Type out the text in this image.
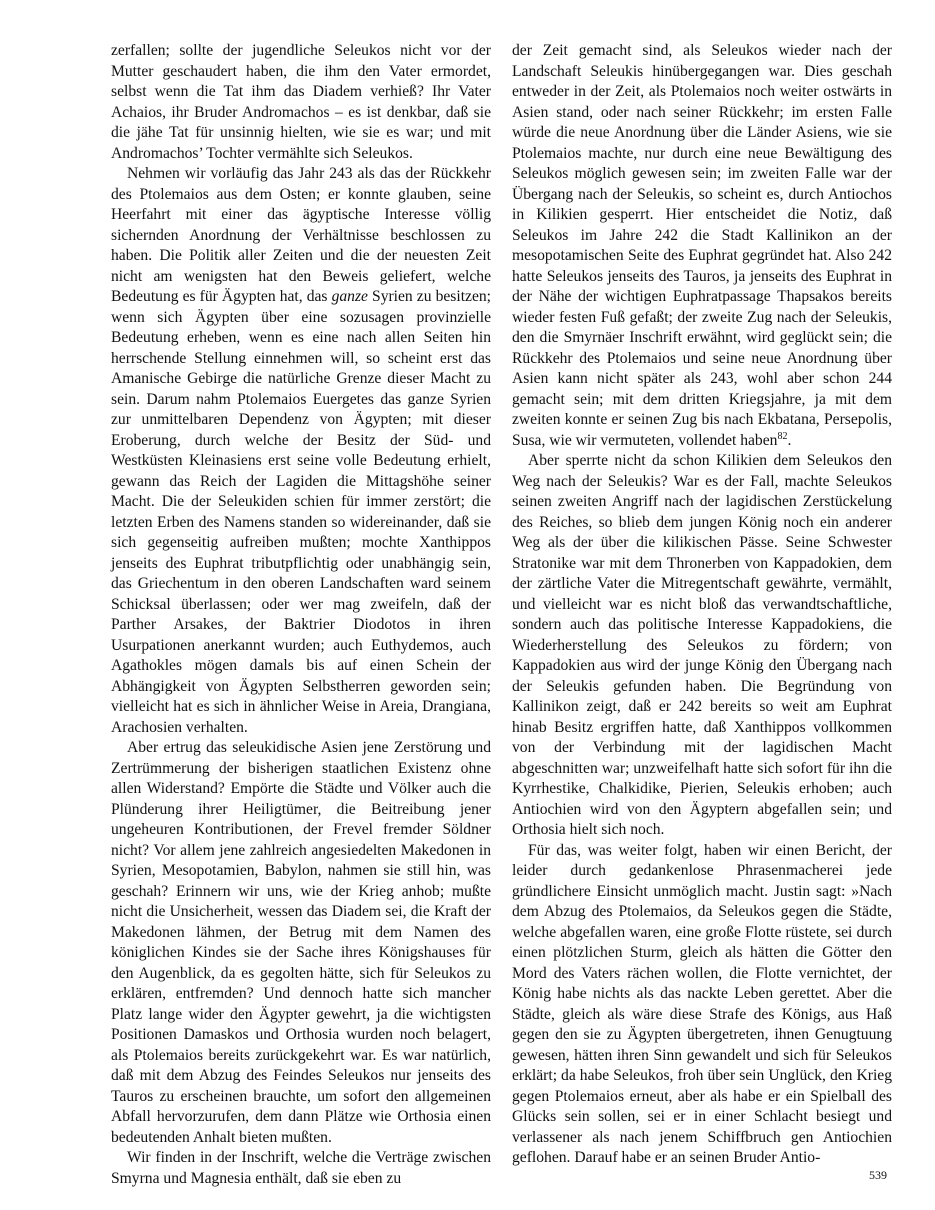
zerfallen; sollte der jugendliche Seleukos nicht vor der Mutter geschaudert haben, die ihm den Vater ermordet, selbst wenn die Tat ihm das Diadem verhieß? Ihr Vater Achaios, ihr Bruder Andromachos – es ist denkbar, daß sie die jähe Tat für unsinnig hielten, wie sie es war; und mit Andromachos’ Tochter vermählte sich Seleukos.

Nehmen wir vorläufig das Jahr 243 als das der Rückkehr des Ptolemaios aus dem Osten; er konnte glauben, seine Heerfahrt mit einer das ägyptische Interesse völlig sichernden Anordnung der Verhältnisse beschlossen zu haben. Die Politik aller Zeiten und die der neuesten Zeit nicht am wenigsten hat den Beweis geliefert, welche Bedeutung es für Ägypten hat, das ganze Syrien zu besitzen; wenn sich Ägypten über eine sozusagen provinzielle Bedeutung erheben, wenn es eine nach allen Seiten hin herrschende Stellung einnehmen will, so scheint erst das Amanische Gebirge die natürliche Grenze dieser Macht zu sein. Darum nahm Ptolemaios Euergetes das ganze Syrien zur unmittelbaren Dependenz von Ägypten; mit dieser Eroberung, durch welche der Besitz der Süd- und Westküsten Kleinasiens erst seine volle Bedeutung erhielt, gewann das Reich der Lagiden die Mittagshöhe seiner Macht. Die der Seleukiden schien für immer zerstört; die letzten Erben des Namens standen so widereinander, daß sie sich gegenseitig aufreiben mußten; mochte Xanthippos jenseits des Euphrat tributpflichtig oder unabhängig sein, das Griechentum in den oberen Landschaften ward seinem Schicksal überlassen; oder wer mag zweifeln, daß der Parther Arsakes, der Baktrier Diodotos in ihren Usurpationen anerkannt wurden; auch Euthydemos, auch Agathokles mögen damals bis auf einen Schein der Abhängigkeit von Ägypten Selbstherren geworden sein; vielleicht hat es sich in ähnlicher Weise in Areia, Drangiana, Arachosien verhalten.

Aber ertrug das seleukidische Asien jene Zerstörung und Zertrümmerung der bisherigen staatlichen Existenz ohne allen Widerstand? Empörte die Städte und Völker auch die Plünderung ihrer Heiligtümer, die Beitreibung jener ungeheuren Kontributionen, der Frevel fremder Söldner nicht? Vor allem jene zahlreich angesiedelten Makedonen in Syrien, Mesopotamien, Babylon, nahmen sie still hin, was geschah? Erinnern wir uns, wie der Krieg anhob; mußte nicht die Unsicherheit, wessen das Diadem sei, die Kraft der Makedonen lähmen, der Betrug mit dem Namen des königlichen Kindes sie der Sache ihres Königshauses für den Augenblick, da es gegolten hätte, sich für Seleukos zu erklären, entfremden? Und dennoch hatte sich mancher Platz lange wider den Ägypter gewehrt, ja die wichtigsten Positionen Damaskos und Orthosia wurden noch belagert, als Ptolemaios bereits zurückgekehrt war. Es war natürlich, daß mit dem Abzug des Feindes Seleukos nur jenseits des Tauros zu erscheinen brauchte, um sofort den allgemeinen Abfall hervorzurufen, dem dann Plätze wie Orthosia einen bedeutenden Anhalt bieten mußten.

Wir finden in der Inschrift, welche die Verträge zwischen Smyrna und Magnesia enthält, daß sie eben zu

der Zeit gemacht sind, als Seleukos wieder nach der Landschaft Seleukis hinübergegangen war. Dies geschah entweder in der Zeit, als Ptolemaios noch weiter ostwärts in Asien stand, oder nach seiner Rückkehr; im ersten Falle würde die neue Anordnung über die Länder Asiens, wie sie Ptolemaios machte, nur durch eine neue Bewältigung des Seleukos möglich gewesen sein; im zweiten Falle war der Übergang nach der Seleukis, so scheint es, durch Antiochos in Kilikien gesperrt. Hier entscheidet die Notiz, daß Seleukos im Jahre 242 die Stadt Kallinikon an der mesopotamischen Seite des Euphrat gegründet hat. Also 242 hatte Seleukos jenseits des Tauros, ja jenseits des Euphrat in der Nähe der wichtigen Euphratpassage Thapsakos bereits wieder festen Fuß gefaßt; der zweite Zug nach der Seleukis, den die Smyrnäer Inschrift erwähnt, wird geglückt sein; die Rückkehr des Ptolemaios und seine neue Anordnung über Asien kann nicht später als 243, wohl aber schon 244 gemacht sein; mit dem dritten Kriegsjahre, ja mit dem zweiten konnte er seinen Zug bis nach Ekbatana, Persepolis, Susa, wie wir vermuteten, vollendet haben$^{82}$.

Aber sperrte nicht da schon Kilikien dem Seleukos den Weg nach der Seleukis? War es der Fall, machte Seleukos seinen zweiten Angriff nach der lagidischen Zerstückelung des Reiches, so blieb dem jungen König noch ein anderer Weg als der über die kilikischen Pässe. Seine Schwester Stratonike war mit dem Thronerben von Kappadokien, dem der zärtliche Vater die Mitregentschaft gewährte, vermählt, und vielleicht war es nicht bloß das verwandtschaftliche, sondern auch das politische Interesse Kappadokiens, die Wiederherstellung des Seleukos zu fördern; von Kappadokien aus wird der junge König den Übergang nach der Seleukis gefunden haben. Die Begründung von Kallinikon zeigt, daß er 242 bereits so weit am Euphrat hinab Besitz ergriffen hatte, daß Xanthippos vollkommen von der Verbindung mit der lagidischen Macht abgeschnitten war; unzweifelhaft hatte sich sofort für ihn die Kyrrhestike, Chalkidike, Pierien, Seleukis erhoben; auch Antiochien wird von den Ägyptern abgefallen sein; und Orthosia hielt sich noch.

Für das, was weiter folgt, haben wir einen Bericht, der leider durch gedankenlose Phrasenmacherei jede gründlichere Einsicht unmöglich macht. Justin sagt: »Nach dem Abzug des Ptolemaios, da Seleukos gegen die Städte, welche abgefallen waren, eine große Flotte rüstete, sei durch einen plötzlichen Sturm, gleich als hätten die Götter den Mord des Vaters rächen wollen, die Flotte vernichtet, der König habe nichts als das nackte Leben gerettet. Aber die Städte, gleich als wäre diese Strafe des Königs, aus Haß gegen den sie zu Ägypten übergetreten, ihnen Genugtuung gewesen, hätten ihren Sinn gewandelt und sich für Seleukos erklärt; da habe Seleukos, froh über sein Unglück, den Krieg gegen Ptolemaios erneut, aber als habe er ein Spielball des Glücks sein sollen, sei er in einer Schlacht besiegt und verlassener als nach jenem Schiffbruch gen Antiochien geflohen. Darauf habe er an seinen Bruder Antio-

539
